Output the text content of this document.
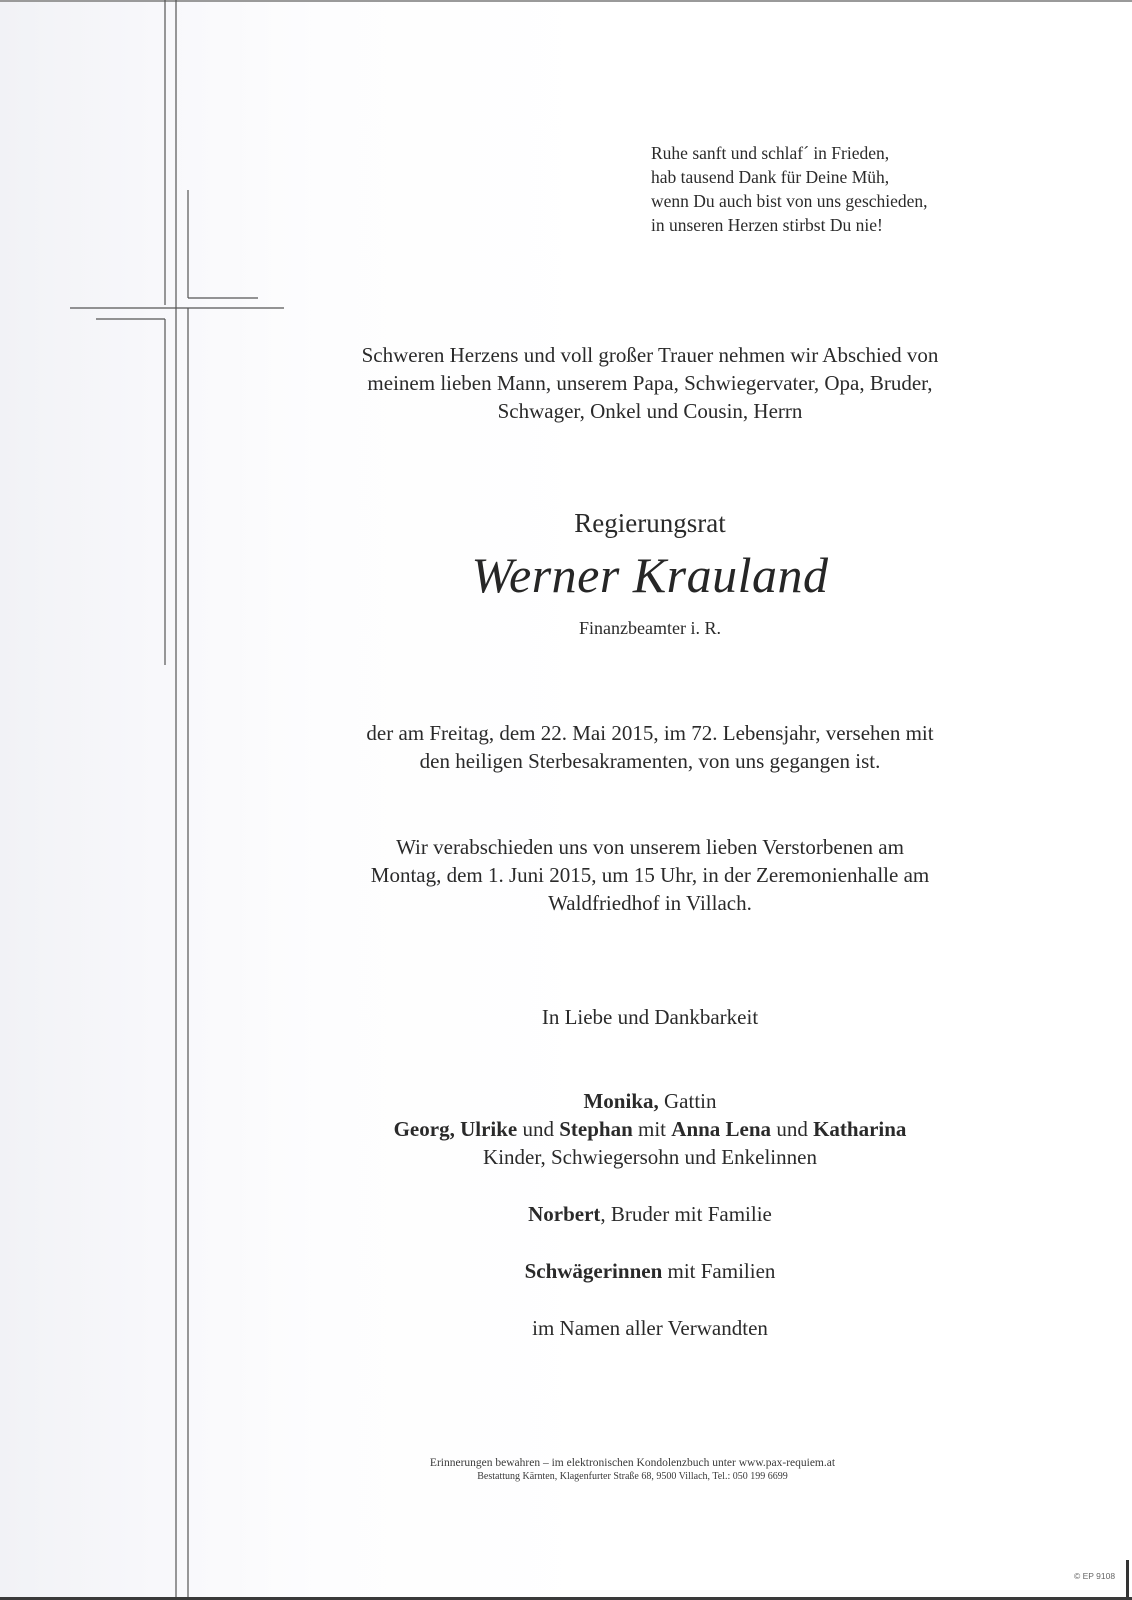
Ruhe sanft und schlaf´ in Frieden,
hab tausend Dank für Deine Müh,
wenn Du auch bist von uns geschieden,
in unseren Herzen stirbst Du nie!
Schweren Herzens und voll großer Trauer nehmen wir Abschied von
meinem lieben Mann, unserem Papa, Schwiegervater, Opa, Bruder,
Schwager, Onkel und Cousin, Herrn
Regierungsrat
Werner Krauland
Finanzbeamter i. R.
der am Freitag, dem 22. Mai 2015, im 72. Lebensjahr, versehen mit
den heiligen Sterbesakramenten, von uns gegangen ist.
Wir verabschieden uns von unserem lieben Verstorbenen am
Montag, dem 1. Juni 2015, um 15 Uhr, in der Zeremonienhalle am
Waldfriedhof in Villach.
In Liebe und Dankbarkeit
Monika, Gattin
Georg, Ulrike und Stephan mit Anna Lena und Katharina
Kinder, Schwiegersohn und Enkelinnen
Norbert, Bruder mit Familie
Schwägerinnen mit Familien
im Namen aller Verwandten
Erinnerungen bewahren – im elektronischen Kondolenzbuch unter www.pax-requiem.at
Bestattung Kärnten, Klagenfurter Straße 68, 9500 Villach, Tel.: 050 199 6699
© EP 9108
